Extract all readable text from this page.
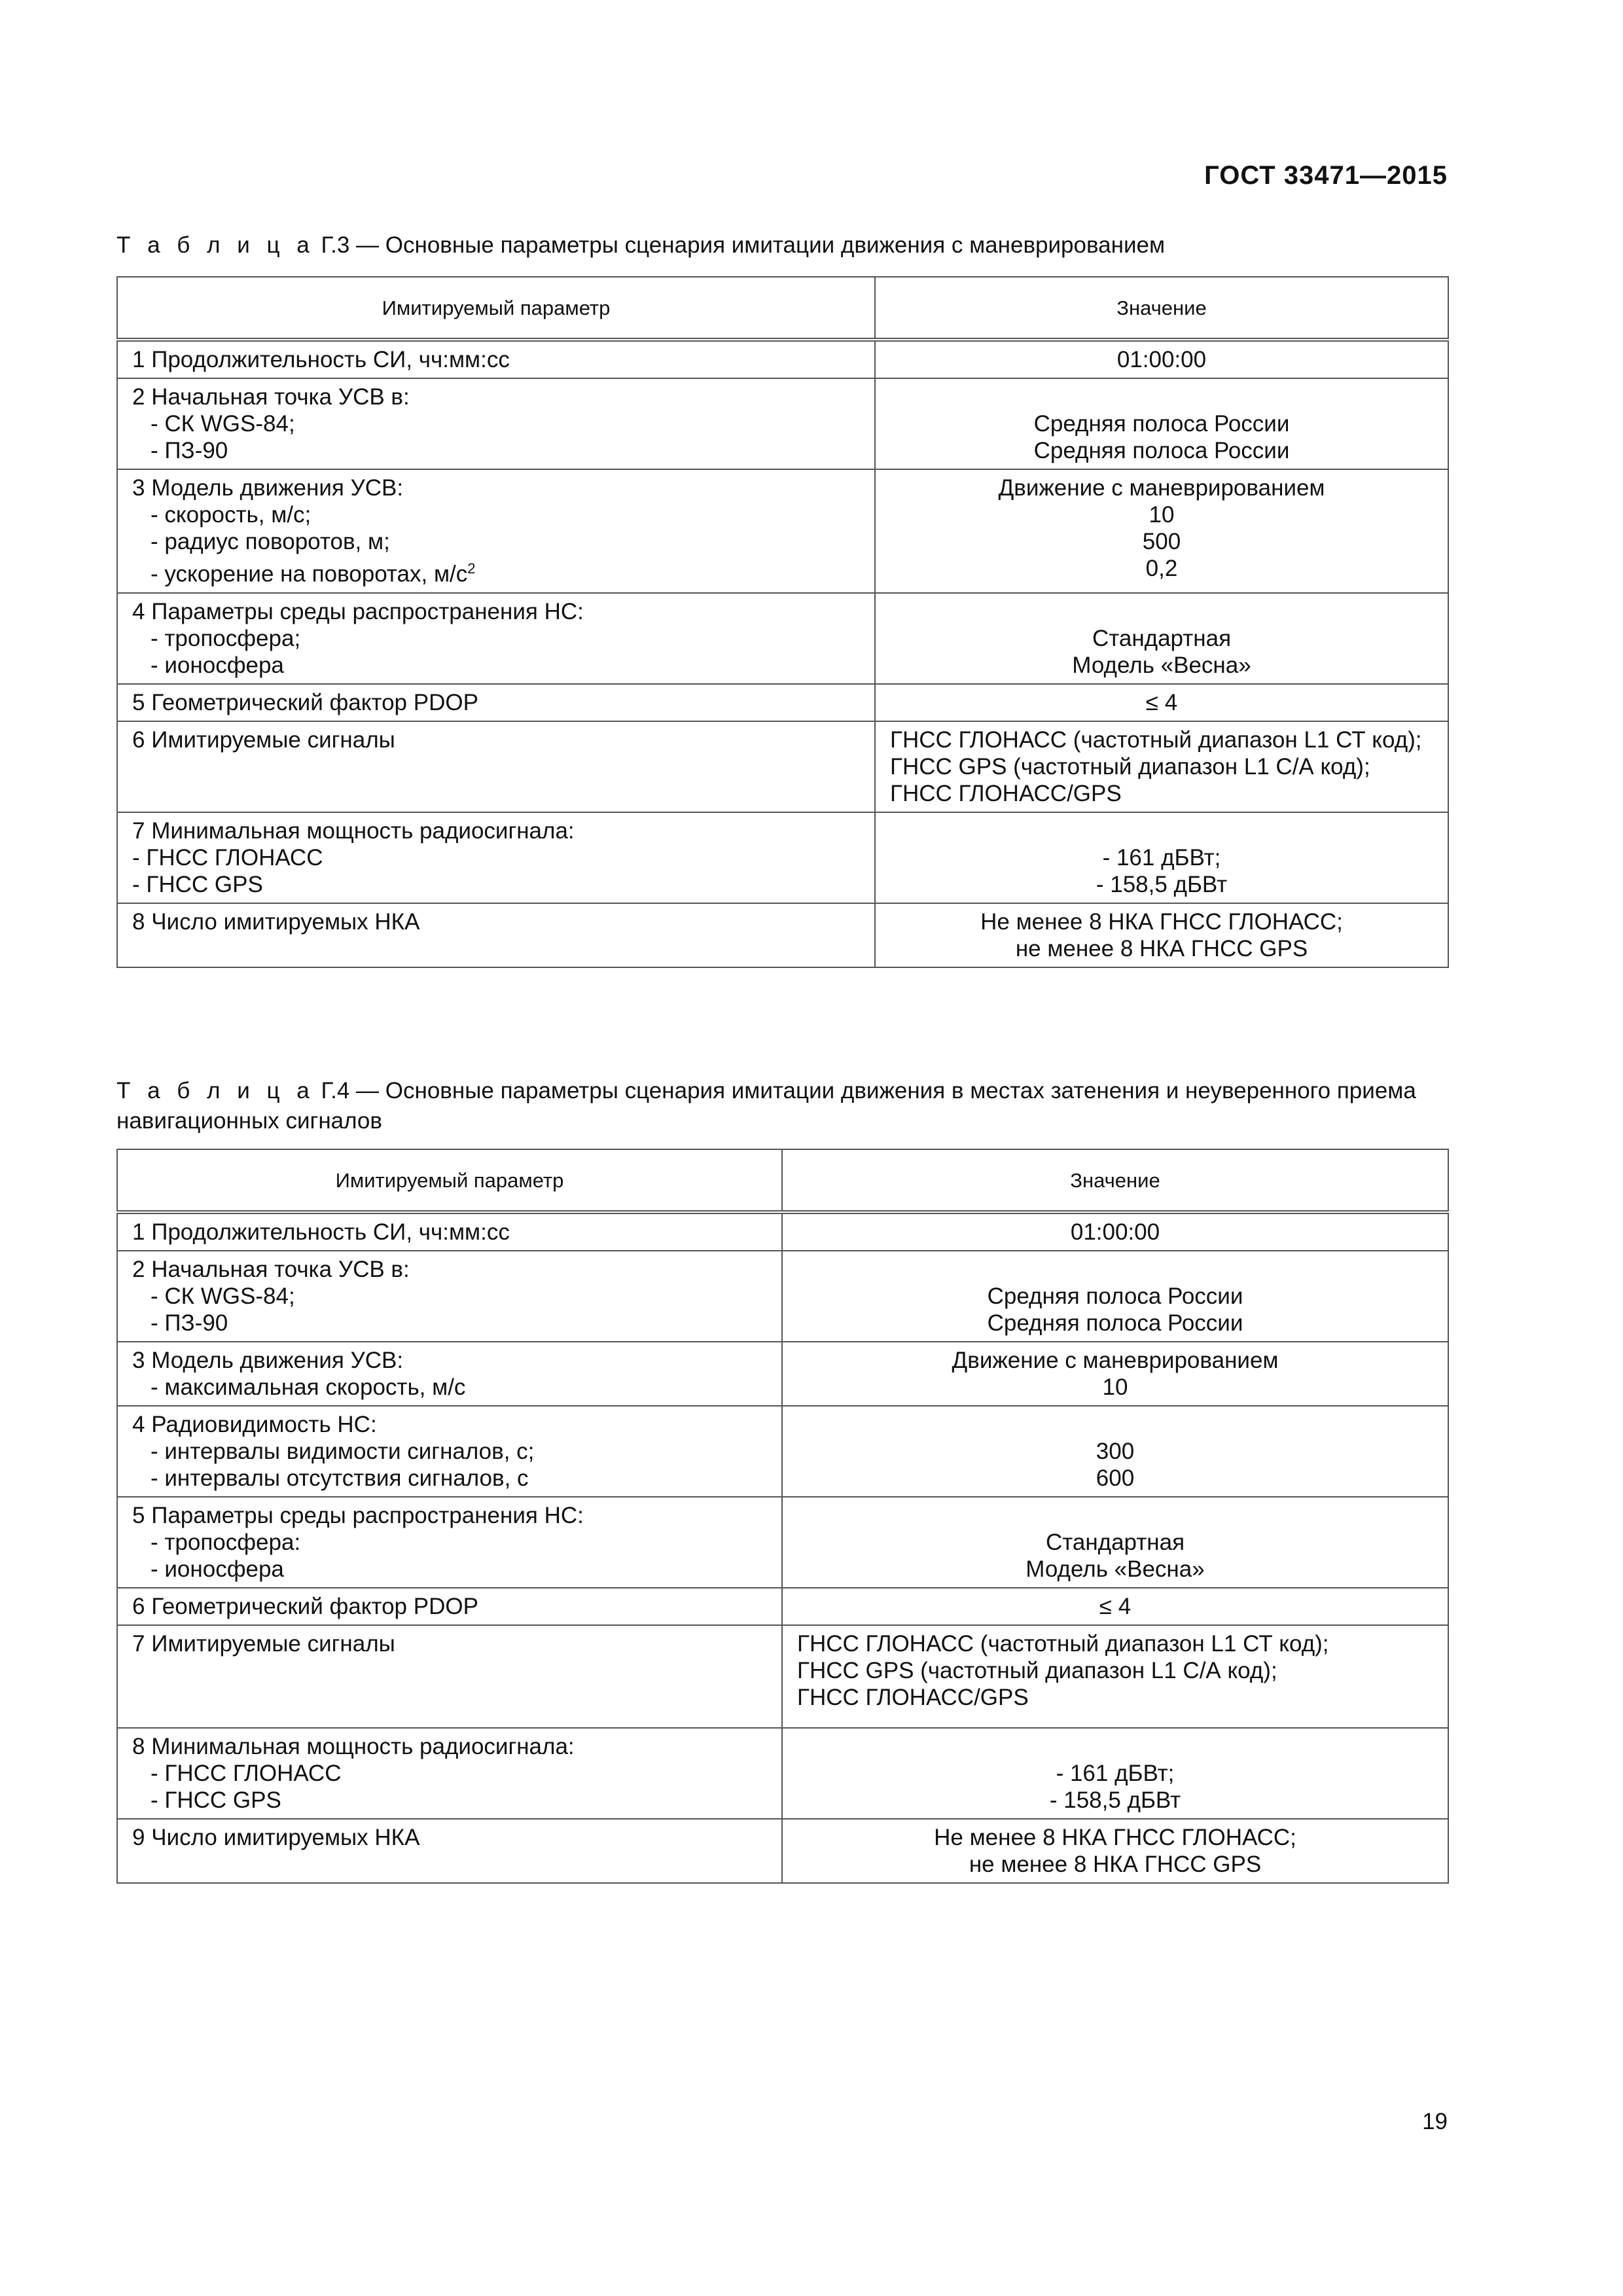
ГОСТ 33471—2015
Т а б л и ц а Г.3 — Основные параметры сценария имитации движения с маневрированием
Имитируемый параметр	Значение

1 Продолжительность СИ, чч:мм:сс	01:00:00

2 Начальная точка УСВ в:
- СК WGS-84;
- ПЗ-90	Средняя полоса России
Средняя полоса России

3 Модель движения УСВ:
- скорость, м/с;
- радиус поворотов, м;
- ускорение на поворотах, $м/с^2$	Движение с маневрированием
10
500
0,2

4 Параметры среды распространения НС:
- тропосфера;
- ионосфера	Стандартная
Модель «Весна»

5 Геометрический фактор PDOP	≤ 4

6 Имитируемые сигналы	ГНСС ГЛОНАСС (частотный диапазон L1 СТ код);
ГНСС GPS (частотный диапазон L1 С/А код);
ГНСС ГЛОНАСС/GPS

7 Минимальная мощность радиосигнала:
- ГНСС ГЛОНАСС
- ГНСС GPS	- 161 дБВт;
- 158,5 дБВт

8 Число имитируемых НКА	Не менее 8 НКА ГНСС ГЛОНАСС;
не менее 8 НКА ГНСС GPS
Т а б л и ц а Г.4 — Основные параметры сценария имитации движения в местах затенения и неуверенного приема навигационных сигналов
Имитируемый параметр	Значение

1 Продолжительность СИ, чч:мм:сс	01:00:00

2 Начальная точка УСВ в:
- СК WGS-84;
- ПЗ-90	Средняя полоса России
Средняя полоса России

3 Модель движения УСВ:
- максимальная скорость, м/с	Движение с маневрированием
10

4 Радиовидимость НС:
- интервалы видимости сигналов, с;
- интервалы отсутствия сигналов, с	300
600

5 Параметры среды распространения НС:
- тропосфера:
- ионосфера	Стандартная
Модель «Весна»

6 Геометрический фактор PDOP	≤ 4

7 Имитируемые сигналы	ГНСС ГЛОНАСС (частотный диапазон L1 СТ код);
ГНСС GPS (частотный диапазон L1 С/А код);
ГНСС ГЛОНАСС/GPS

8 Минимальная мощность радиосигнала:
- ГНСС ГЛОНАСС
- ГНСС GPS	- 161 дБВт;
- 158,5 дБВт

9 Число имитируемых НКА	Не менее 8 НКА ГНСС ГЛОНАСС;
не менее 8 НКА ГНСС GPS
19
